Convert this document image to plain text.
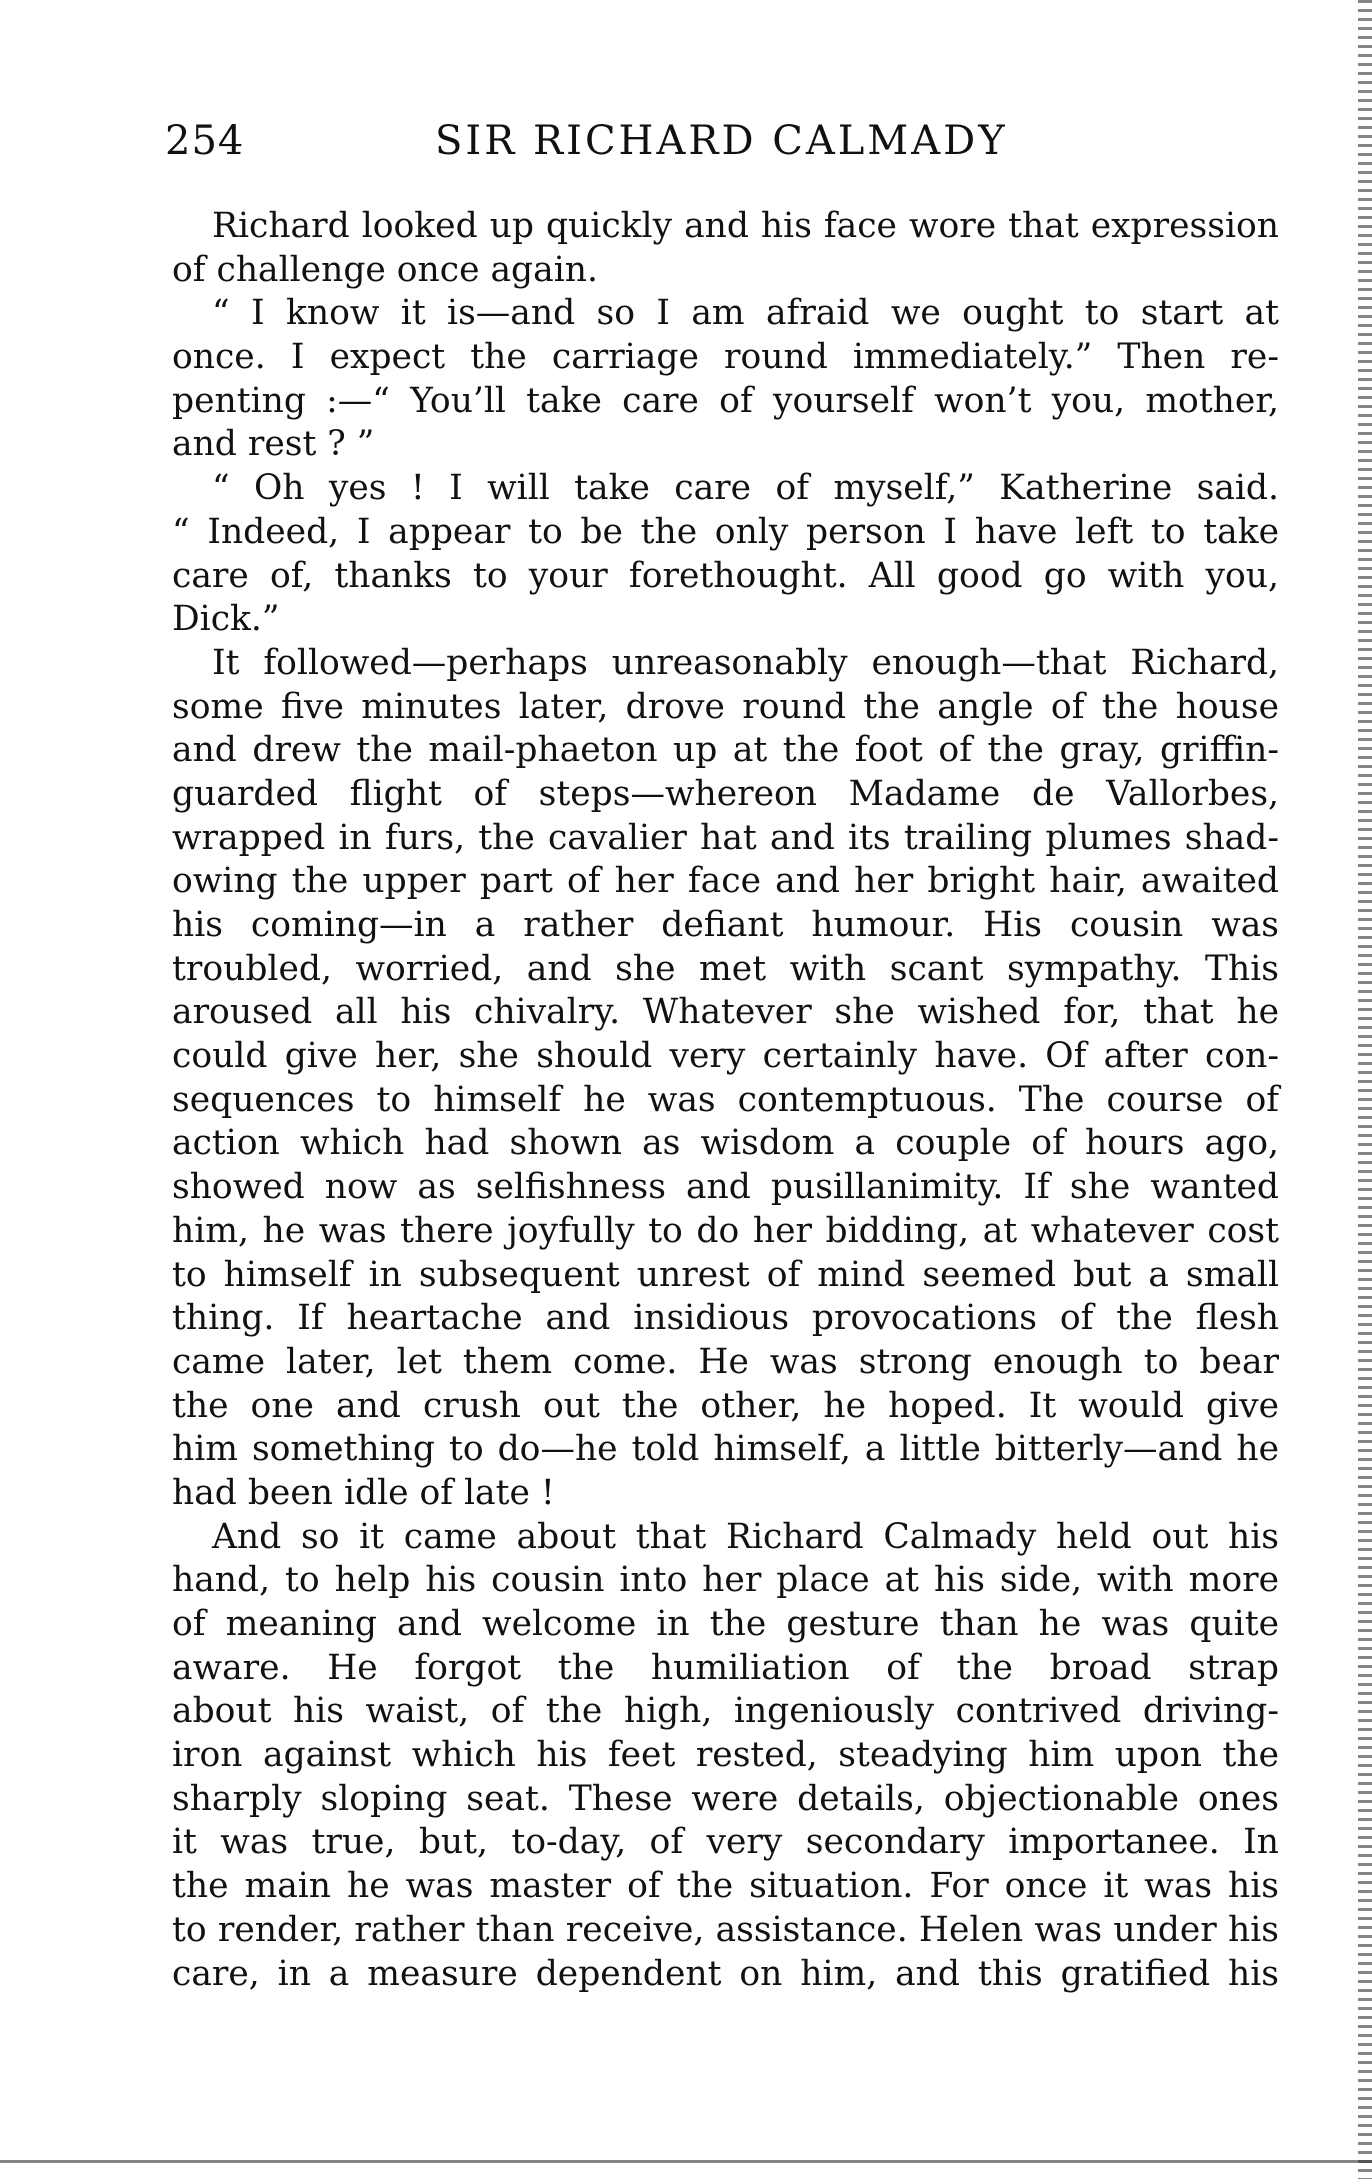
254	SIR RICHARD CALMADY
Richard looked up quickly and his face wore that expression
of challenge once again.
“ I know it is—and so I am afraid we ought to start at
once. I expect the carriage round immediately.” Then re-
penting :—“ You’ll take care of yourself won’t you, mother,
and rest ? ”
“ Oh yes ! I will take care of myself,” Katherine said.
“ Indeed, I appear to be the only person I have left to take
care of, thanks to your forethought. All good go with you,
Dick.”
It followed—perhaps unreasonably enough—that Richard,
some five minutes later, drove round the angle of the house
and drew the mail-phaeton up at the foot of the gray, griffin-
guarded flight of steps—whereon Madame de Vallorbes,
wrapped in furs, the cavalier hat and its trailing plumes shad-
owing the upper part of her face and her bright hair, awaited
his coming—in a rather defiant humour. His cousin was
troubled, worried, and she met with scant sympathy. This
aroused all his chivalry. Whatever she wished for, that he
could give her, she should very certainly have. Of after con-
sequences to himself he was contemptuous. The course of
action which had shown as wisdom a couple of hours ago,
showed now as selfishness and pusillanimity. If she wanted
him, he was there joyfully to do her bidding, at whatever cost
to himself in subsequent unrest of mind seemed but a small
thing. If heartache and insidious provocations of the flesh
came later, let them come. He was strong enough to bear
the one and crush out the other, he hoped. It would give
him something to do—he told himself, a little bitterly—and he
had been idle of late !
And so it came about that Richard Calmady held out his
hand, to help his cousin into her place at his side, with more
of meaning and welcome in the gesture than he was quite
aware. He forgot the humiliation of the broad strap
about his waist, of the high, ingeniously contrived driving-
iron against which his feet rested, steadying him upon the
sharply sloping seat. These were details, objectionable ones
it was true, but, to-day, of very secondary importanee. In
the main he was master of the situation. For once it was his
to render, rather than receive, assistance. Helen was under his
care, in a measure dependent on him, and this gratified his
